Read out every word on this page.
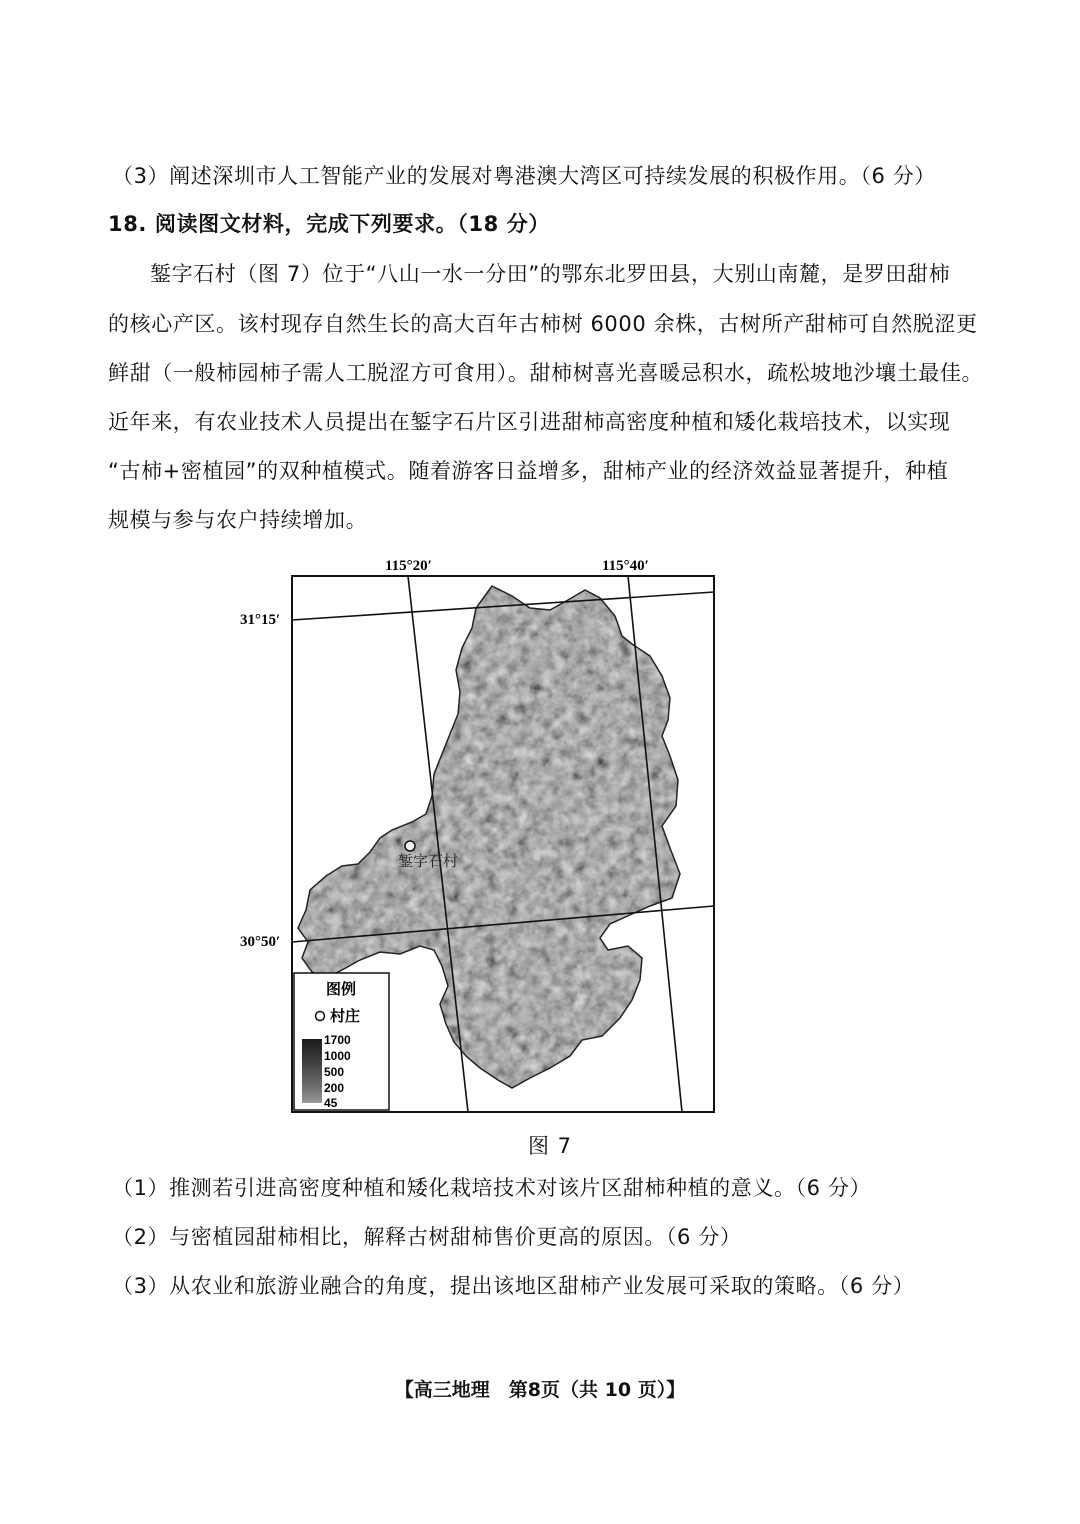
（3）阐述深圳市人工智能产业的发展对粤港澳大湾区可持续发展的积极作用。（6 分）
18. 阅读图文材料，完成下列要求。（18 分）
錾字石村（图 7）位于“八山一水一分田”的鄂东北罗田县，大别山南麓，是罗田甜柿
的核心产区。该村现存自然生长的高大百年古柿树 6000 余株，古树所产甜柿可自然脱涩更
鲜甜（一般柿园柿子需人工脱涩方可食用）。甜柿树喜光喜暖忌积水，疏松坡地沙壤土最佳。
近年来，有农业技术人员提出在錾字石片区引进甜柿高密度种植和矮化栽培技术，以实现
“古柿+密植园”的双种植模式。随着游客日益增多，甜柿产业的经济效益显著提升，种植
规模与参与农户持续增加。
115°20′	115°40′
31°15′
30°50′
錾字石村
图例
村庄
1700
1000
500
200
45
图 7
（1）推测若引进高密度种植和矮化栽培技术对该片区甜柿种植的意义。（6 分）
（2）与密植园甜柿相比，解释古树甜柿售价更高的原因。（6 分）
（3）从农业和旅游业融合的角度，提出该地区甜柿产业发展可采取的策略。（6 分）
【高三地理　第8页（共 10 页）】
